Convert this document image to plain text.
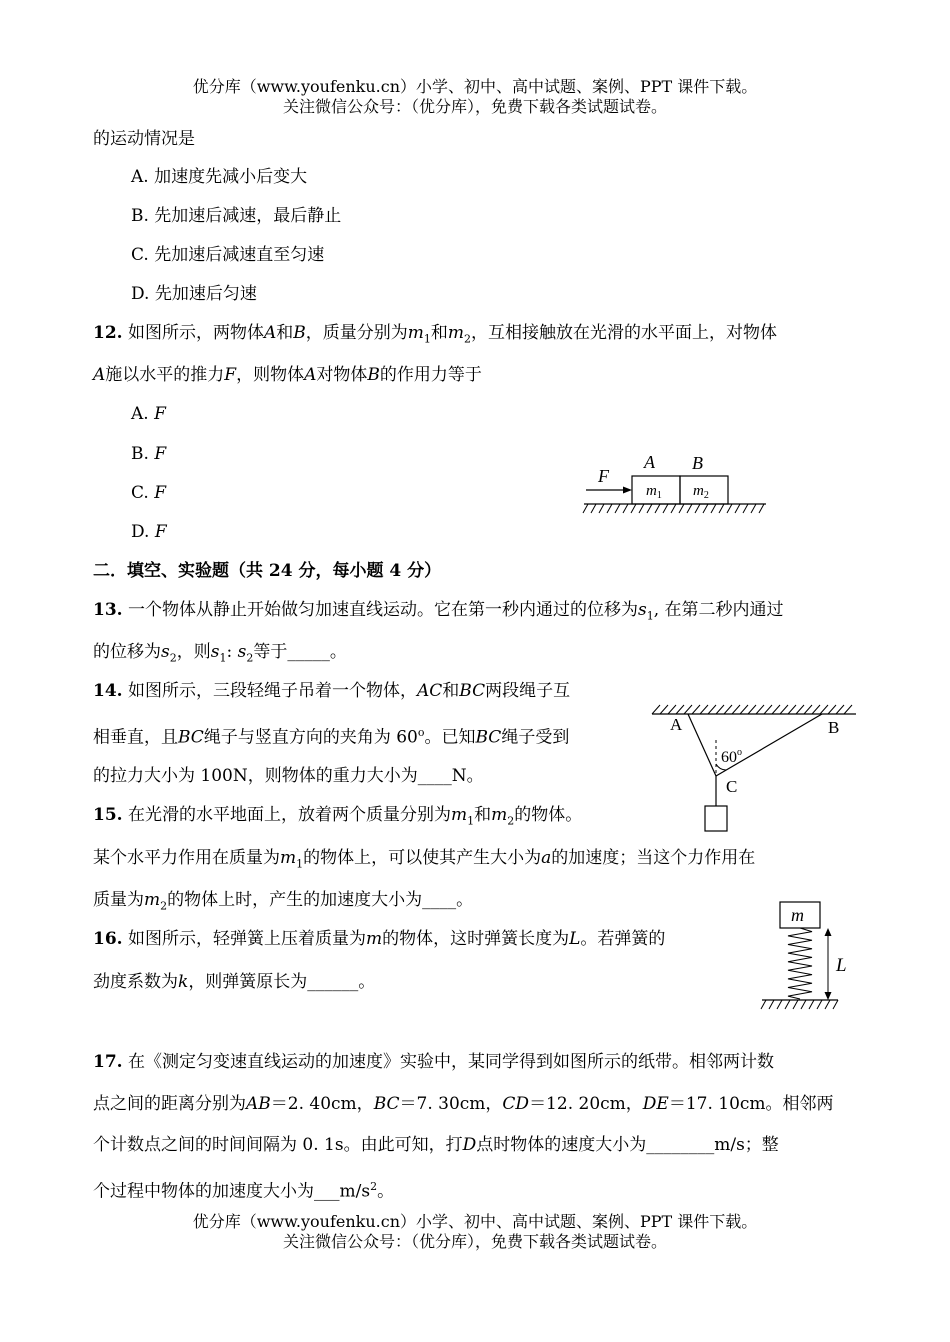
优分库（www.youfenku.cn）小学、初中、高中试题、案例、PPT 课件下载。
关注微信公众号：（优分库），免费下载各类试题试卷。
的运动情况是
A. 加速度先减小后变大
B. 先加速后减速，最后静止
C. 先加速后减速直至匀速
D. 先加速后匀速
12. 如图所示，两物体A和B，质量分别为$m_1$和$m_2$，互相接触放在光滑的水平面上，对物体
A施以水平的推力F，则物体A对物体B的作用力等于
A. F
B. F
C. F
D. F
F
A B
$m_1$ $m_2$
二．填空、实验题（共 24 分，每小题 4 分）
13. 一个物体从静止开始做匀加速直线运动。它在第一秒内通过的位移为$s_1$, 在第二秒内通过
的位移为$s_2$，则$s_1$: $s_2$等于_____。
14. 如图所示，三段轻绳子吊着一个物体，AC和BC两段绳子互
相垂直，且BC绳子与竖直方向的夹角为 60$^o$。已知BC绳子受到
的拉力大小为 100N，则物体的重力大小为____N。
A	B
C
60$^o$
15. 在光滑的水平地面上，放着两个质量分别为$m_1$和$m_2$的物体。
某个水平力作用在质量为$m_1$的物体上，可以使其产生大小为a的加速度；当这个力作用在
质量为$m_2$的物体上时，产生的加速度大小为____。
16. 如图所示，轻弹簧上压着质量为m的物体，这时弹簧长度为L。若弹簧的
劲度系数为k，则弹簧原长为______。
m
L
17. 在《测定匀变速直线运动的加速度》实验中，某同学得到如图所示的纸带。相邻两计数
点之间的距离分别为AB＝2. 40cm，BC＝7. 30cm，CD＝12. 20cm，DE＝17. 10cm。相邻两
个计数点之间的时间间隔为 0. 1s。由此可知，打D点时物体的速度大小为________m/s；整
个过程中物体的加速度大小为$\_\_\_m/s^2$。
优分库（www.youfenku.cn）小学、初中、高中试题、案例、PPT 课件下载。
关注微信公众号：（优分库），免费下载各类试题试卷。
